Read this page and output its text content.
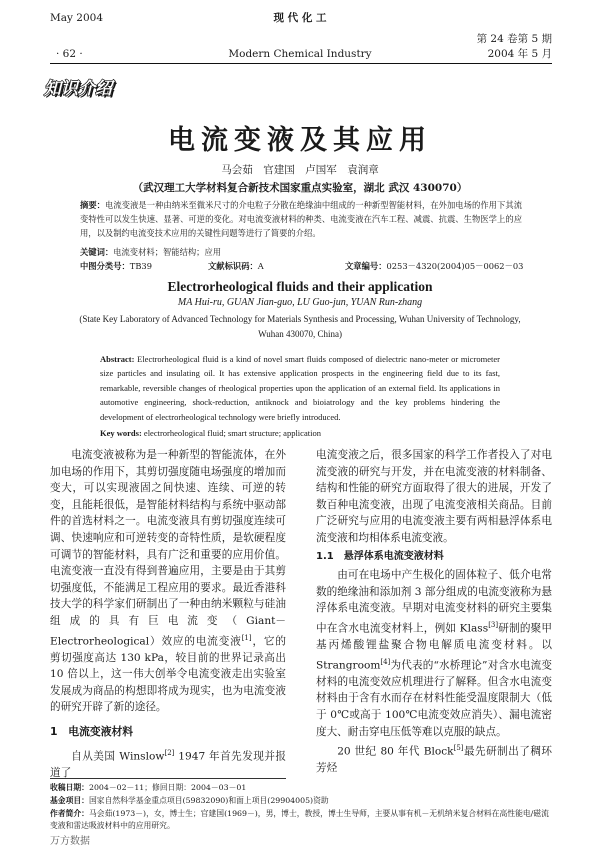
May 2004
· 62 ·
现 代 化 工
Modern Chemical Industry
第 24 卷第 5 期
2004 年 5 月
知识介绍
电流变液及其应用
马会茹　官建国　卢国军　袁润章
（武汉理工大学材料复合新技术国家重点实验室，湖北 武汉 430070）
摘要：电流变液是一种由纳米至微米尺寸的介电粒子分散在绝缘油中组成的一种新型智能材料，在外加电场的作用下其流变特性可以发生快速、显著、可逆的变化。对电流变液材料的种类、电流变液在汽车工程、减震、抗震、生物医学上的应用，以及制约电流变技术应用的关键性问题等进行了简要的介绍。
关键词：电流变材料；智能结构；应用
中图分类号：TB39	文献标识码：A	文章编号：0253－4320(2004)05－0062－03
Electrorheological fluids and their application
MA Hui-ru, GUAN Jian-guo, LU Guo-jun, YUAN Run-zhang
(State Key Laboratory of Advanced Technology for Materials Synthesis and Processing, Wuhan University of Technology,
Wuhan 430070, China)
Abstract: Electrorheological fluid is a kind of novel smart fluids composed of dielectric nano-meter or micrometer size particles and insulating oil. It has extensive application prospects in the engineering field due to its fast, remarkable, reversible changes of rheological properties upon the application of an external field. Its applications in automotive engineering, shock-reduction, antiknock and bioiatrology and the key problems hindering the development of electrorheological technology were briefly introduced.
Key words: electrorheological fluid; smart structure; application

电流变液被称为是一种新型的智能流体，在外加电场的作用下，其剪切强度随电场强度的增加而变大，可以实现液固之间快速、连续、可逆的转变，且能耗很低，是智能材料结构与系统中驱动部件的首选材料之一。电流变液具有剪切强度连续可调、快速响应和可逆转变的奇特性质，是软硬程度可调节的智能材料，具有广泛和重要的应用价值。电流变液一直没有得到普遍应用，主要是由于其剪切强度低，不能满足工程应用的要求。最近香港科技大学的科学家们研制出了一种由纳米颗粒与硅油组成的具有巨电流变（Giant－Electrorheological）效应的电流变液[1]，它的剪切强度高达 130 kPa，较目前的世界记录高出 10 倍以上，这一伟大创举令电流变液走出实验室发展成为商品的构想即将成为现实，也为电流变液的研究开辟了新的途径。

1　电流变液材料

自从美国 Winslow[2] 1947 年首先发现并报道了

电流变液之后，很多国家的科学工作者投入了对电流变液的研究与开发，并在电流变液的材料制备、结构和性能的研究方面取得了很大的进展，开发了数百种电流变液，出现了电流变液相关商品。目前广泛研究与应用的电流变液主要有两相悬浮体系电流变液和均相体系电流变液。

1.1　悬浮体系电流变液材料

由可在电场中产生极化的固体粒子、低介电常数的绝缘油和添加剂 3 部分组成的电流变液称为悬浮体系电流变液。早期对电流变材料的研究主要集中在含水电流变材料上，例如 Klass[3]研制的聚甲基丙烯酸锂盐聚合物电解质电流变材料。以 Strangroom[4]为代表的“水桥理论”对含水电流变材料的电流变效应机理进行了解释。但含水电流变材料由于含有水而存在材料性能受温度限制大（低于 0℃或高于 100℃电流变效应消失）、漏电流密度大、耐击穿电压低等难以克服的缺点。

20 世纪 80 年代 Block[5]最先研制出了稠环芳烃

收稿日期：2004－02－11；修回日期：2004－03－01
基金项目：国家自然科学基金重点项目(59832090)和面上项目(29904005)资助
作者简介：马会茹(1973－)，女，博士生；官建国(1969－)，男，博士，教授，博士生导师，主要从事有机－无机纳米复合材料在高性能电/磁流变液和雷达吸波材料中的应用研究。
万方数据
